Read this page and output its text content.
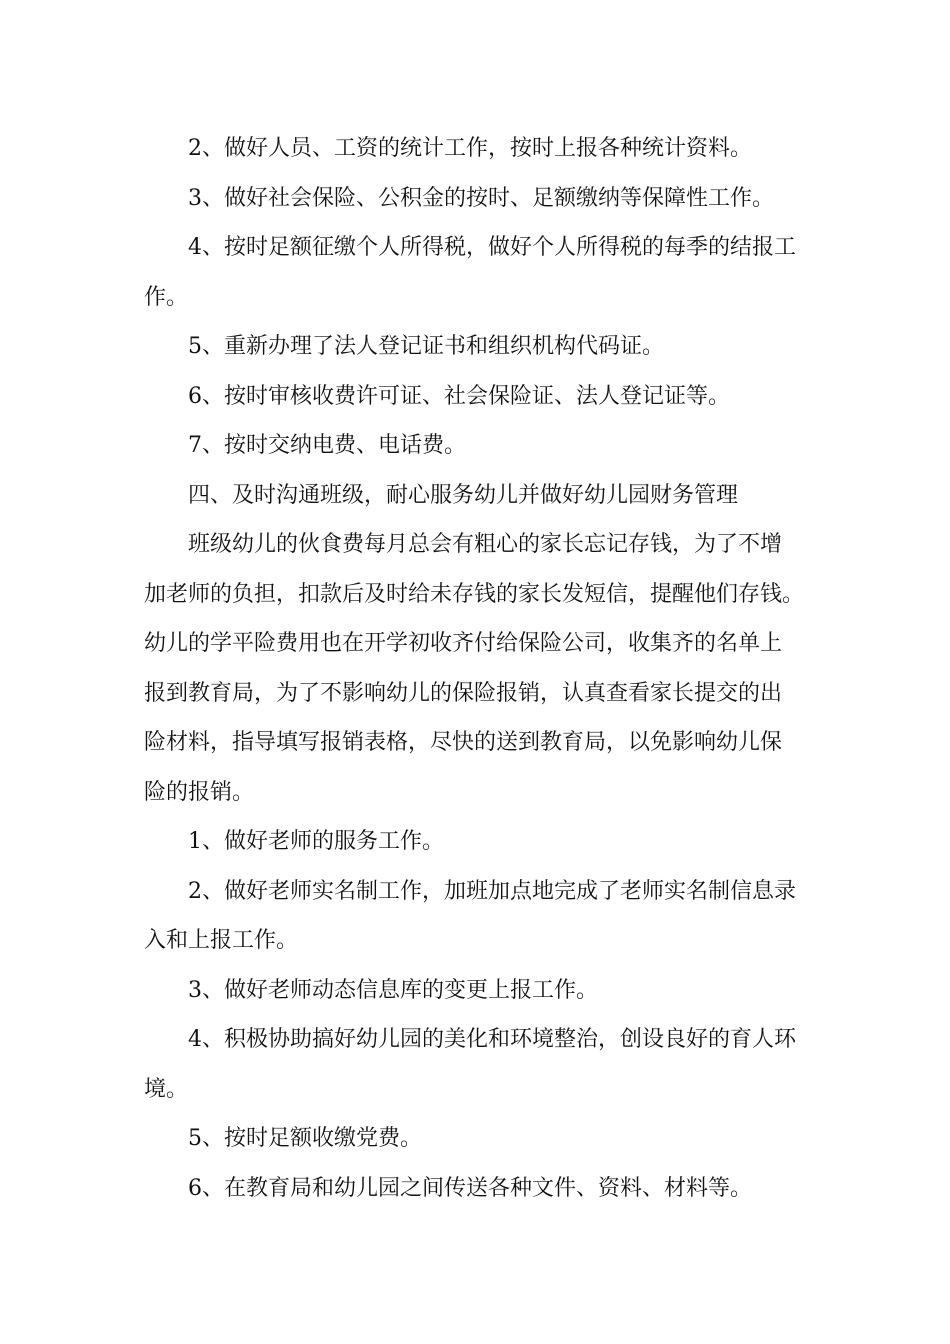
2、做好人员、工资的统计工作，按时上报各种统计资料。

3、做好社会保险、公积金的按时、足额缴纳等保障性工作。

4、按时足额征缴个人所得税，做好个人所得税的每季的结报工

作。

5、重新办理了法人登记证书和组织机构代码证。

6、按时审核收费许可证、社会保险证、法人登记证等。

7、按时交纳电费、电话费。

四、及时沟通班级，耐心服务幼儿并做好幼儿园财务管理

班级幼儿的伙食费每月总会有粗心的家长忘记存钱，为了不增

加老师的负担，扣款后及时给未存钱的家长发短信，提醒他们存钱。

幼儿的学平险费用也在开学初收齐付给保险公司，收集齐的名单上

报到教育局，为了不影响幼儿的保险报销，认真查看家长提交的出

险材料，指导填写报销表格，尽快的送到教育局，以免影响幼儿保

险的报销。

1、做好老师的服务工作。

2、做好老师实名制工作，加班加点地完成了老师实名制信息录

入和上报工作。

3、做好老师动态信息库的变更上报工作。

4、积极协助搞好幼儿园的美化和环境整治，创设良好的育人环

境。

5、按时足额收缴党费。

6、在教育局和幼儿园之间传送各种文件、资料、材料等。
